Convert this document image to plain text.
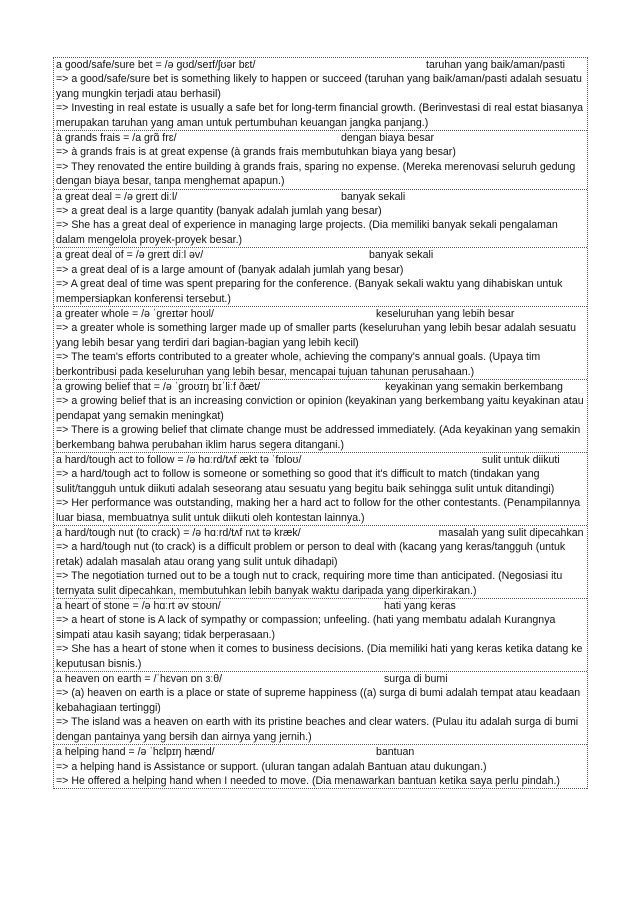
a good/safe/sure bet = /ə gʊd/seɪf/ʃʊər bɛt/	taruhan yang baik/aman/pasti
=> a good/safe/sure bet is something likely to happen or succeed (taruhan yang baik/aman/pasti adalah sesuatu yang mungkin terjadi atau berhasil)
=> Investing in real estate is usually a safe bet for long-term financial growth. (Berinvestasi di real estat biasanya merupakan taruhan yang aman untuk pertumbuhan keuangan jangka panjang.)
à grands frais = /a grɑ̃ frɛ/	dengan biaya besar
=> à grands frais is at great expense (à grands frais membutuhkan biaya yang besar)
=> They renovated the entire building à grands frais, sparing no expense. (Mereka merenovasi seluruh gedung dengan biaya besar, tanpa menghemat apapun.)
a great deal = /ə greɪt diːl/	banyak sekali
=> a great deal is a large quantity (banyak adalah jumlah yang besar)
=> She has a great deal of experience in managing large projects. (Dia memiliki banyak sekali pengalaman dalam mengelola proyek-proyek besar.)
a great deal of = /ə greɪt diːl əv/	banyak sekali
=> a great deal of is a large amount of (banyak adalah jumlah yang besar)
=> A great deal of time was spent preparing for the conference. (Banyak sekali waktu yang dihabiskan untuk mempersiapkan konferensi tersebut.)
a greater whole = /ə ˈgreɪtər hoʊl/	keseluruhan yang lebih besar
=> a greater whole is something larger made up of smaller parts (keseluruhan yang lebih besar adalah sesuatu yang lebih besar yang terdiri dari bagian-bagian yang lebih kecil)
=> The team's efforts contributed to a greater whole, achieving the company's annual goals. (Upaya tim berkontribusi pada keseluruhan yang lebih besar, mencapai tujuan tahunan perusahaan.)
a growing belief that = /ə ˈgroʊɪŋ bɪˈliːf ðæt/	keyakinan yang semakin berkembang
=> a growing belief that is an increasing conviction or opinion (keyakinan yang berkembang yaitu keyakinan atau pendapat yang semakin meningkat)
=> There is a growing belief that climate change must be addressed immediately. (Ada keyakinan yang semakin berkembang bahwa perubahan iklim harus segera ditangani.)
a hard/tough act to follow = /ə hɑːrd/tʌf ækt tə ˈfɒloʊ/	sulit untuk diikuti
=> a hard/tough act to follow is someone or something so good that it's difficult to match (tindakan yang sulit/tangguh untuk diikuti adalah seseorang atau sesuatu yang begitu baik sehingga sulit untuk ditandingi)
=> Her performance was outstanding, making her a hard act to follow for the other contestants. (Penampilannya luar biasa, membuatnya sulit untuk diikuti oleh kontestan lainnya.)
a hard/tough nut (to crack) = /ə hɑːrd/tʌf nʌt tə kræk/	masalah yang sulit dipecahkan
=> a hard/tough nut (to crack) is a difficult problem or person to deal with (kacang yang keras/tangguh (untuk retak) adalah masalah atau orang yang sulit untuk dihadapi)
=> The negotiation turned out to be a tough nut to crack, requiring more time than anticipated. (Negosiasi itu ternyata sulit dipecahkan, membutuhkan lebih banyak waktu daripada yang diperkirakan.)
a heart of stone = /ə hɑːrt əv stoʊn/	hati yang keras
=> a heart of stone is A lack of sympathy or compassion; unfeeling. (hati yang membatu adalah Kurangnya simpati atau kasih sayang; tidak berperasaan.)
=> She has a heart of stone when it comes to business decisions. (Dia memiliki hati yang keras ketika datang ke keputusan bisnis.)
a heaven on earth = /ˈhɛvən ɒn ɜːθ/	surga di bumi
=> (a) heaven on earth is a place or state of supreme happiness ((a) surga di bumi adalah tempat atau keadaan kebahagiaan tertinggi)
=> The island was a heaven on earth with its pristine beaches and clear waters. (Pulau itu adalah surga di bumi dengan pantainya yang bersih dan airnya yang jernih.)
a helping hand = /ə ˈhɛlpɪŋ hænd/	bantuan
=> a helping hand is Assistance or support. (uluran tangan adalah Bantuan atau dukungan.)
=> He offered a helping hand when I needed to move. (Dia menawarkan bantuan ketika saya perlu pindah.)
